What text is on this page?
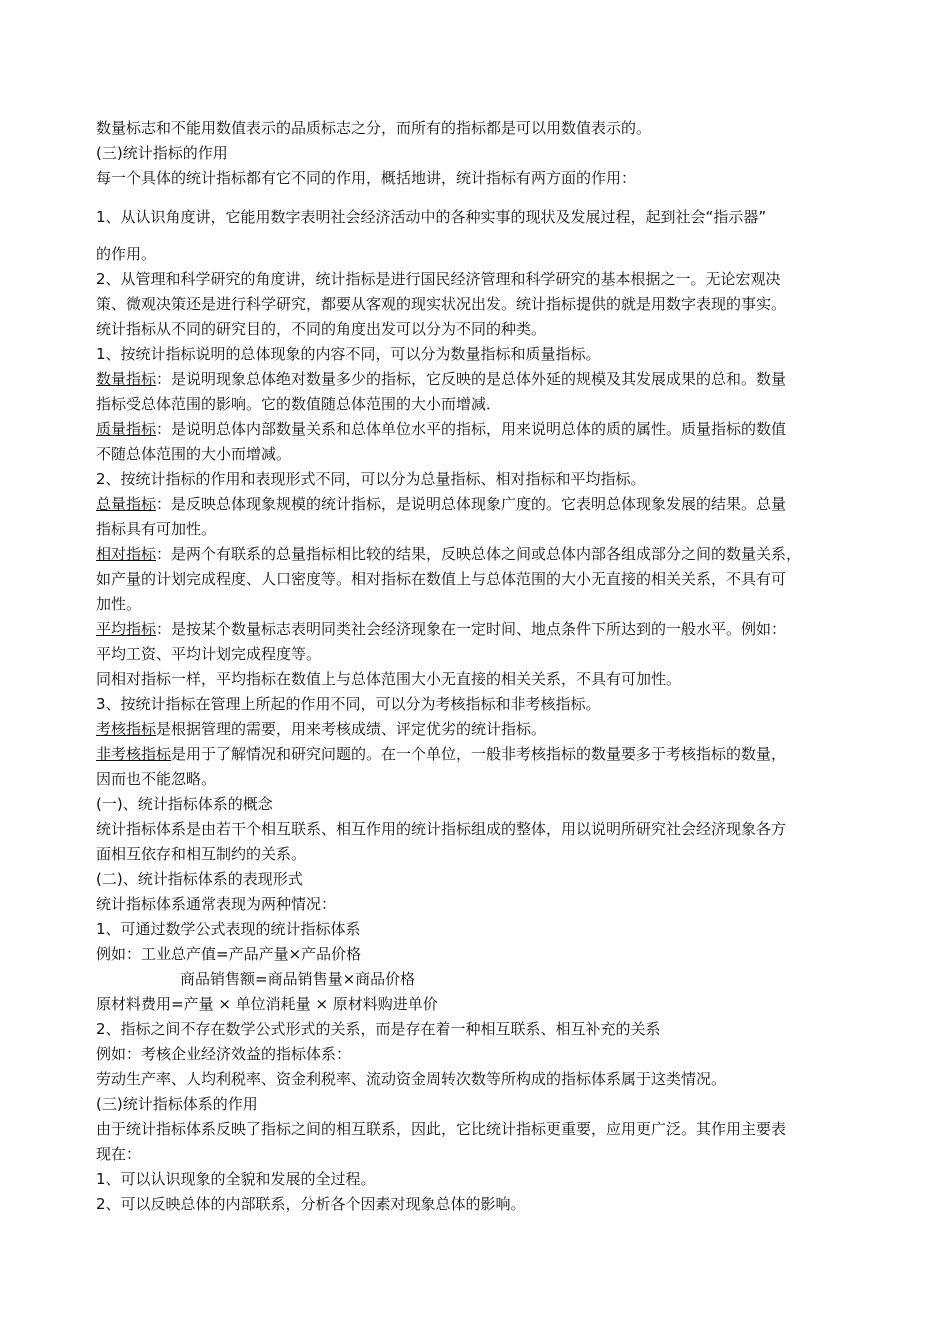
数量标志和不能用数值表示的品质标志之分，而所有的指标都是可以用数值表示的。
(三)统计指标的作用
每一个具体的统计指标都有它不同的作用，概括地讲，统计指标有两方面的作用：
1、从认识角度讲，它能用数字表明社会经济活动中的各种实事的现状及发展过程，起到社会“指示器”
的作用。
2、从管理和科学研究的角度讲，统计指标是进行国民经济管理和科学研究的基本根据之一。无论宏观决
策、微观决策还是进行科学研究，都要从客观的现实状况出发。统计指标提供的就是用数字表现的事实。
统计指标从不同的研究目的，不同的角度出发可以分为不同的种类。
1、按统计指标说明的总体现象的内容不同，可以分为数量指标和质量指标。
数量指标：是说明现象总体绝对数量多少的指标，它反映的是总体外延的规模及其发展成果的总和。数量
指标受总体范围的影响。它的数值随总体范围的大小而增减．
质量指标：是说明总体内部数量关系和总体单位水平的指标，用来说明总体的质的属性。质量指标的数值
不随总体范围的大小而增减。
2、按统计指标的作用和表现形式不同，可以分为总量指标、相对指标和平均指标。
总量指标：是反映总体现象规模的统计指标，是说明总体现象广度的。它表明总体现象发展的结果。总量
指标具有可加性。
相对指标：是两个有联系的总量指标相比较的结果，反映总体之间或总体内部各组成部分之间的数量关系，
如产量的计划完成程度、人口密度等。相对指标在数值上与总体范围的大小无直接的相关关系，不具有可
加性。
平均指标：是按某个数量标志表明同类社会经济现象在一定时间、地点条件下所达到的一般水平。例如：
平均工资、平均计划完成程度等。
同相对指标一样，平均指标在数值上与总体范围大小无直接的相关关系，不具有可加性。
3、按统计指标在管理上所起的作用不同，可以分为考核指标和非考核指标。
考核指标是根据管理的需要，用来考核成绩、评定优劣的统计指标。
非考核指标是用于了解情况和研究问题的。在一个单位，一般非考核指标的数量要多于考核指标的数量，
因而也不能忽略。
(一)、统计指标体系的概念
统计指标体系是由若干个相互联系、相互作用的统计指标组成的整体，用以说明所研究社会经济现象各方
面相互依存和相互制约的关系。
(二)、统计指标体系的表现形式
统计指标体系通常表现为两种情况：
1、可通过数学公式表现的统计指标体系
例如：工业总产值=产品产量×产品价格
商品销售额=商品销售量×商品价格
原材料费用=产量 × 单位消耗量 × 原材料购进单价
2、指标之间不存在数学公式形式的关系，而是存在着一种相互联系、相互补充的关系
例如：考核企业经济效益的指标体系：
劳动生产率、人均利税率、资金利税率、流动资金周转次数等所构成的指标体系属于这类情况。
(三)统计指标体系的作用
由于统计指标体系反映了指标之间的相互联系，因此，它比统计指标更重要，应用更广泛。其作用主要表
现在：
1、可以认识现象的全貌和发展的全过程。
2、可以反映总体的内部联系，分析各个因素对现象总体的影响。
